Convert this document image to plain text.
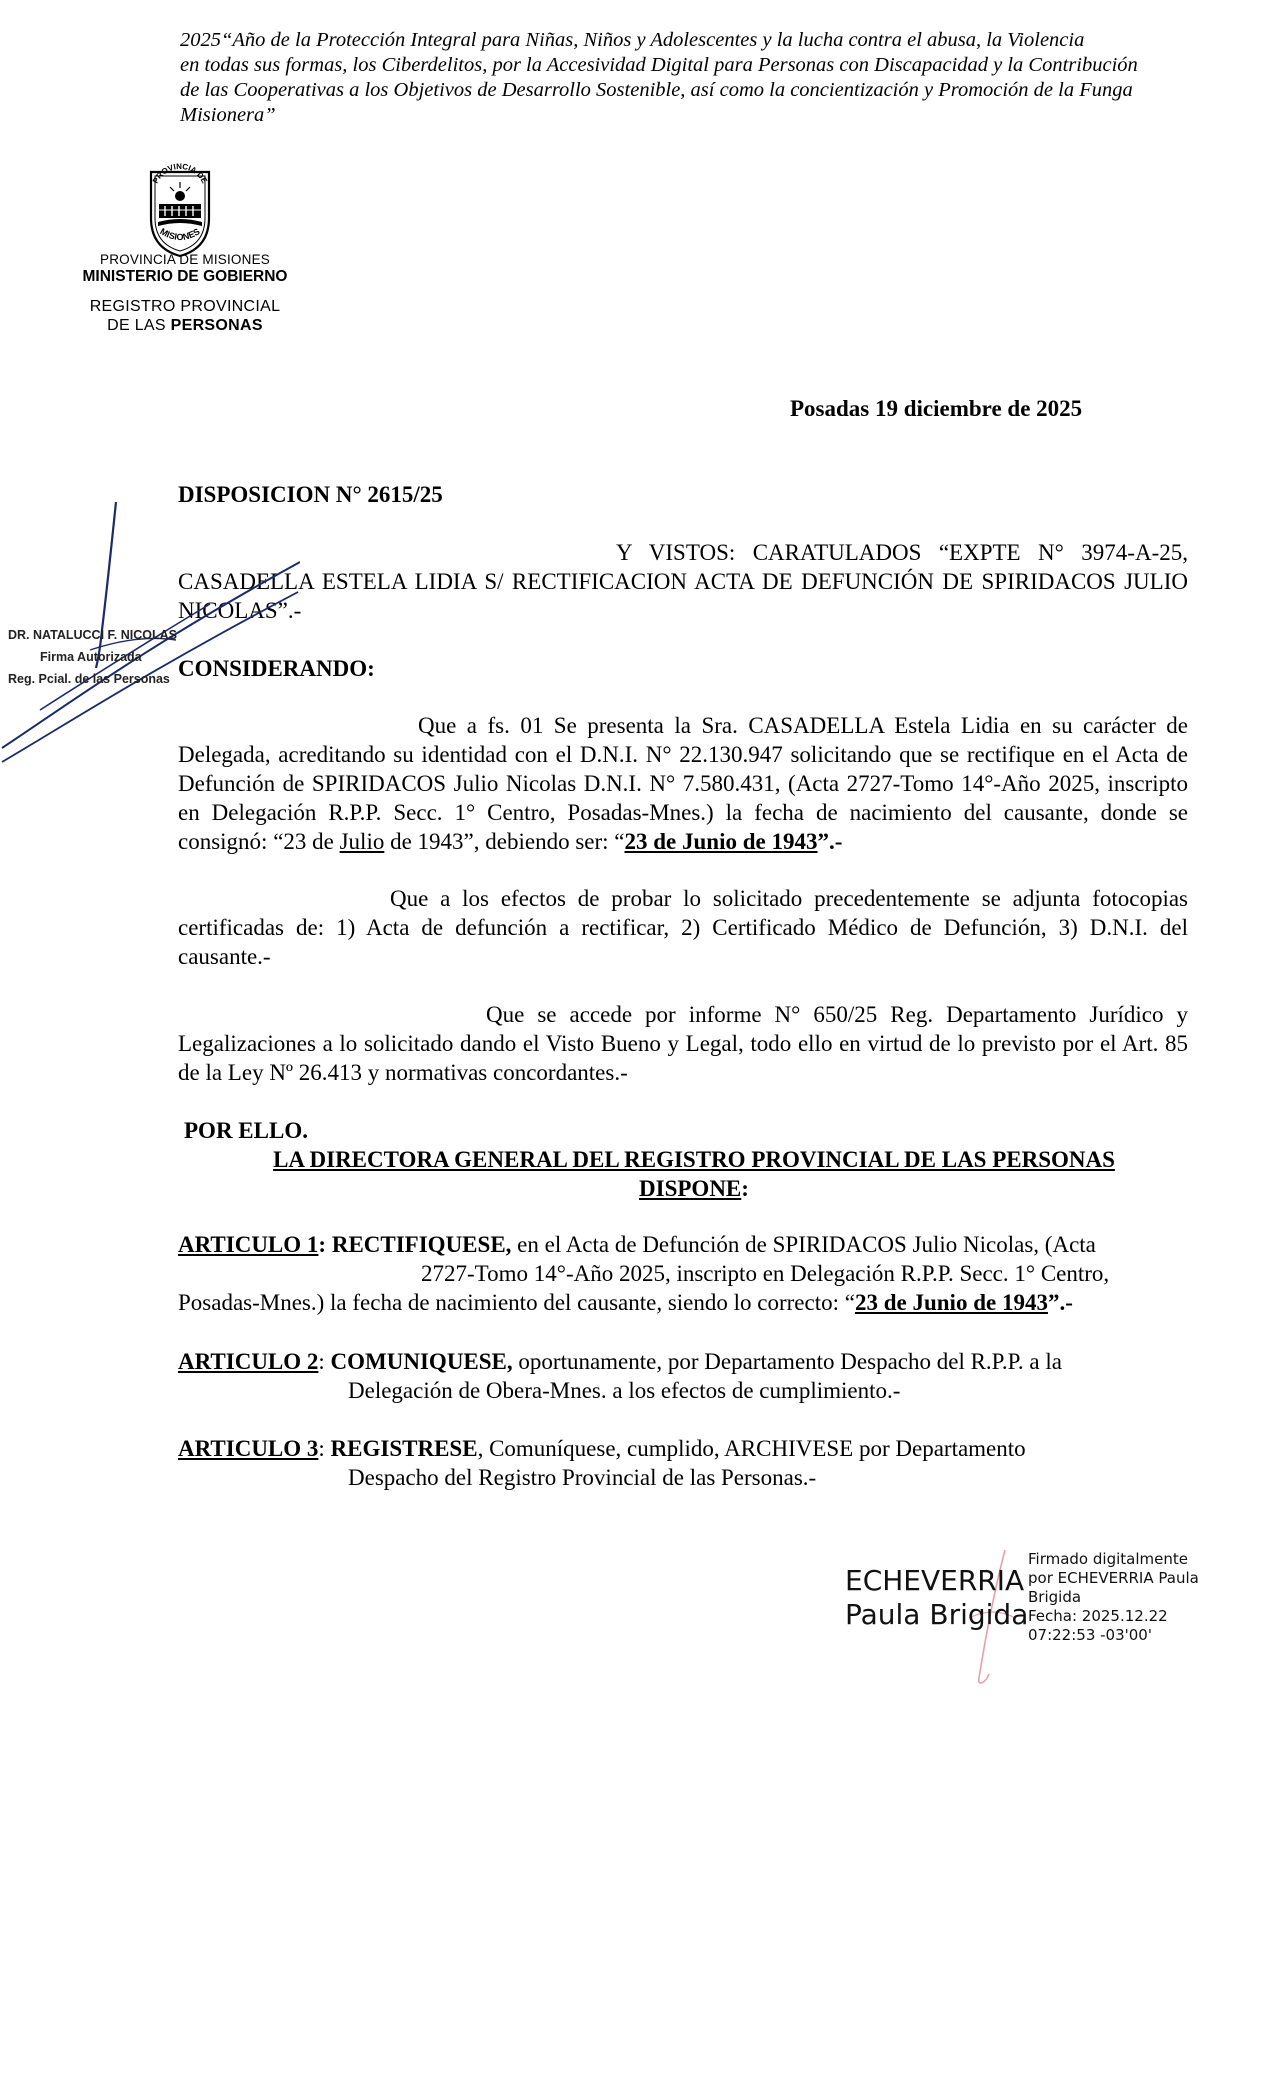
2025“Año de la Protección Integral para Niñas, Niños y Adolescentes y la lucha contra el abusa, la Violencia
en todas sus formas, los Ciberdelitos, por la Accesividad Digital para Personas con Discapacidad y la Contribución
de las Cooperativas a los Objetivos de Desarrollo Sostenible, así como la concientización y Promoción de la Funga
Misionera”
PROVINCIA DE
MISIONES
PROVINCIA DE MISIONES
MINISTERIO DE GOBIERNO
REGISTRO PROVINCIAL
DE LAS PERSONAS
Posadas 19 diciembre de 2025
DISPOSICION N° 2615/25
Y VISTOS: CARATULADOS “EXPTE N° 3974-A-25, CASADELLA ESTELA LIDIA S/ RECTIFICACION ACTA DE DEFUNCIÓN DE SPIRIDACOS JULIO NICOLAS”.-
CONSIDERANDO:
Que a fs. 01 Se presenta la Sra. CASADELLA Estela Lidia en su carácter de Delegada, acreditando su identidad con el D.N.I. N° 22.130.947 solicitando que se rectifique en el Acta de Defunción de SPIRIDACOS Julio Nicolas D.N.I. N° 7.580.431, (Acta 2727-Tomo 14°-Año 2025, inscripto en Delegación R.P.P. Secc. 1° Centro, Posadas-Mnes.) la fecha de nacimiento del causante, donde se consignó: “23 de Julio de 1943”, debiendo ser: “23 de Junio de 1943”.-
Que a los efectos de probar lo solicitado precedentemente se adjunta fotocopias certificadas de: 1) Acta de defunción a rectificar, 2) Certificado Médico de Defunción, 3) D.N.I. del causante.-
Que se accede por informe N° 650/25 Reg. Departamento Jurídico y Legalizaciones a lo solicitado dando el Visto Bueno y Legal, todo ello en virtud de lo previsto por el Art. 85 de la Ley Nº 26.413 y normativas concordantes.-
POR ELLO.
LA DIRECTORA GENERAL DEL REGISTRO PROVINCIAL DE LAS PERSONAS
DISPONE:
ARTICULO 1: RECTIFIQUESE, en el Acta de Defunción de SPIRIDACOS Julio Nicolas, (Acta
2727-Tomo 14°-Año 2025, inscripto en Delegación R.P.P. Secc. 1° Centro,
Posadas-Mnes.) la fecha de nacimiento del causante, siendo lo correcto: “23 de Junio de 1943”.-
ARTICULO 2: COMUNIQUESE, oportunamente, por Departamento Despacho del R.P.P. a la
Delegación de Obera-Mnes. a los efectos de cumplimiento.-
ARTICULO 3: REGISTRESE, Comuníquese, cumplido, ARCHIVESE por Departamento
Despacho del Registro Provincial de las Personas.-
DR. NATALUCCI F. NICOLAS
Firma Autorizada
Reg. Pcial. de las Personas
ECHEVERRIA
Paula Brigida
Firmado digitalmente
por ECHEVERRIA Paula
Brigida
Fecha: 2025.12.22
07:22:53 -03'00'
